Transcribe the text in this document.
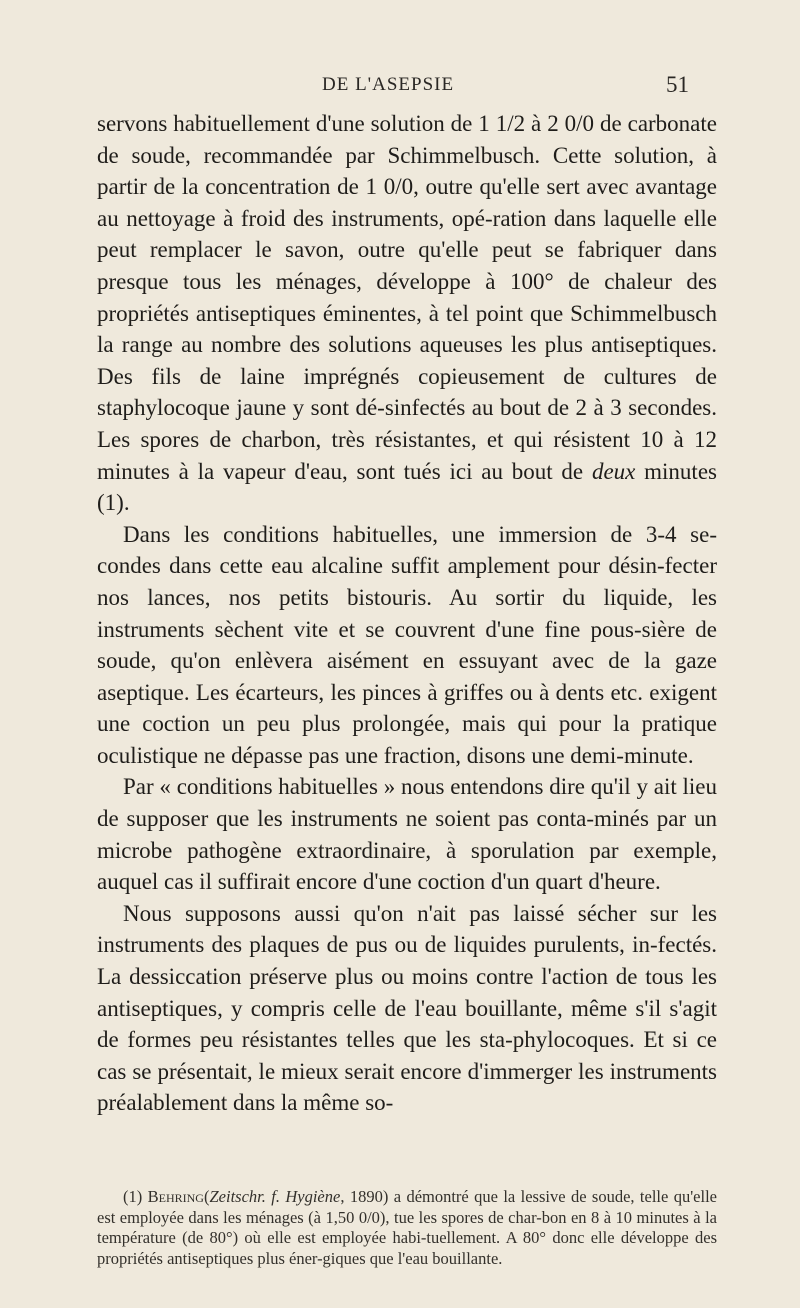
DE L'ASEPSIE	51

servons habituellement d'une solution de 1 1/2 à 2 0/0 de carbonate de soude, recommandée par Schimmelbusch. Cette solution, à partir de la concentration de 1 0/0, outre qu'elle sert avec avantage au nettoyage à froid des instruments, opé-ration dans laquelle elle peut remplacer le savon, outre qu'elle peut se fabriquer dans presque tous les ménages, développe à 100° de chaleur des propriétés antiseptiques éminentes, à tel point que Schimmelbusch la range au nombre des solutions aqueuses les plus antiseptiques. Des fils de laine imprégnés copieusement de cultures de staphylocoque jaune y sont dé-sinfectés au bout de 2 à 3 secondes. Les spores de charbon, très résistantes, et qui résistent 10 à 12 minutes à la vapeur d'eau, sont tués ici au bout de deux minutes (1).

Dans les conditions habituelles, une immersion de 3-4 se-condes dans cette eau alcaline suffit amplement pour désin-fecter nos lances, nos petits bistouris. Au sortir du liquide, les instruments sèchent vite et se couvrent d'une fine pous-sière de soude, qu'on enlèvera aisément en essuyant avec de la gaze aseptique. Les écarteurs, les pinces à griffes ou à dents etc. exigent une coction un peu plus prolongée, mais qui pour la pratique oculistique ne dépasse pas une fraction, disons une demi-minute.

Par « conditions habituelles » nous entendons dire qu'il y ait lieu de supposer que les instruments ne soient pas conta-minés par un microbe pathogène extraordinaire, à sporulation par exemple, auquel cas il suffirait encore d'une coction d'un quart d'heure.

Nous supposons aussi qu'on n'ait pas laissé sécher sur les instruments des plaques de pus ou de liquides purulents, in-fectés. La dessiccation préserve plus ou moins contre l'action de tous les antiseptiques, y compris celle de l'eau bouillante, même s'il s'agit de formes peu résistantes telles que les sta-phylocoques. Et si ce cas se présentait, le mieux serait encore d'immerger les instruments préalablement dans la même so-

(1) Behring(Zeitschr. f. Hygiène, 1890) a démontré que la lessive de soude, telle qu'elle est employée dans les ménages (à 1,50 0/0), tue les spores de char-bon en 8 à 10 minutes à la température (de 80°) où elle est employée habi-tuellement. A 80° donc elle développe des propriétés antiseptiques plus éner-giques que l'eau bouillante.
